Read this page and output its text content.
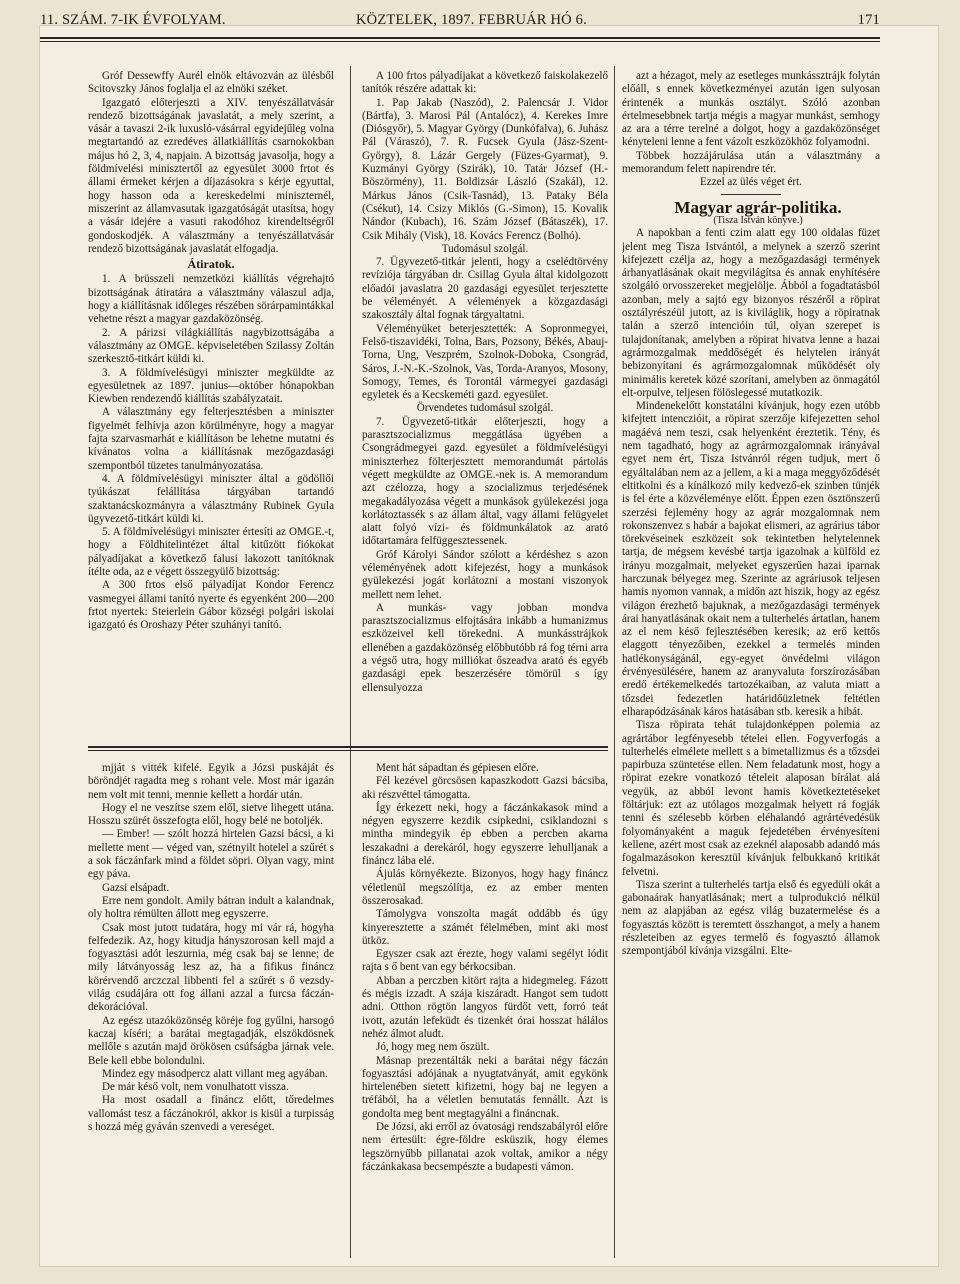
11. SZÁM. 7-IK ÉVFOLYAM.	KÖZTELEK, 1897. FEBRUÁR HÓ 6.	171

Gróf Dessewffy Aurél elnök eltávozván az ülésből Scitovszky János foglalja el az elnöki széket.

Igazgató előterjeszti a XIV. tenyészállatvásár rendező bizottságának javaslatát, a mely szerint, a vásár a tavaszi 2-ik luxusló-vásárral egyidejűleg volna megtartandó az ezredéves állatkiállítás csarnokokban május hó 2, 3, 4, napjain. A bizottság javasolja, hogy a földmívelési minisztertől az egyesület 3000 frtot és állami érmeket kérjen a díjazásokra s kérje egyuttal, hogy hasson oda a kereskedelmi miniszternél, miszerint az államvasutak igazgatóságát utasítsa, hogy a vásár idejére a vasuti rakodóhoz kirendeltségről gondoskodjék. A választmány a tenyészállatvásár rendező bizottságának javaslatát elfogadja.

Átiratok.

1. A brüsszeli nemzetközi kiállítás végrehajtó bizottságának átiratára a választmány válaszul adja, hogy a kiállításnak időleges részében sörárpamintákkal vehetne részt a magyar gazdaközönség.

2. A párizsi világkiállítás nagybizottságába a választmány az OMGE. képviseletében Szilassy Zoltán szerkesztő-titkárt küldi ki.

3. A földmívelésügyi miniszter megküldte az egyesületnek az 1897. junius—október hónapokban Kiewben rendezendő kiállítás szabályzatait.

A választmány egy felterjesztésben a miniszter figyelmét felhívja azon körülményre, hogy a magyar fajta szarvasmarhát e kiállításon be lehetne mutatni és kívánatos volna a kiállításnak mezőgazdasági szempontból tüzetes tanulmányozatása.

4. A földmívelésügyi miniszter által a gödöllői tyúkászat felállítása tárgyában tartandó szaktanácskozmányra a választmány Rubinek Gyula ügyvezető-titkárt küldi ki.

5. A földmívelésügyi miniszter értesíti az OMGE.-t, hogy a Földhitelintézet által kitűzött fiókokat pályadíjakat a következő falusi lakozott tanítóknak ítélte oda, az e végett összegyülő bizottság:

A 300 frtos első pályadíjat Kondor Ferencz vasmegyei állami tanító nyerte és egyenként 200—200 frtot nyertek: Steierlein Gábor községi polgári iskolai igazgató és Oroshazy Péter szuhányi tanító.

A 100 frtos pályadíjakat a következő faiskolakezelő tanítók részére adattak ki:

1. Pap Jakab (Naszód), 2. Palencsár J. Vidor (Bártfa), 3. Marosi Pál (Antalócz), 4. Kerekes Imre (Diósgyőr), 5. Magyar György (Dunkófalva), 6. Juhász Pál (Váraszó), 7. R. Fucsek Gyula (Jász-Szent-György), 8. Lázár Gergely (Füzes-Gyarmat), 9. Kuzmányi György (Szirák), 10. Tatár József (H.-Böszörmény), 11. Boldizsár László (Szakál), 12. Márkus János (Csik-Tasnád), 13. Pataky Béla (Csékut), 14. Csizy Miklós (G.-Simon), 15. Kovalik Nándor (Kubach), 16. Szám József (Bátaszék), 17. Csik Mihály (Visk), 18. Kovács Ferencz (Bolhó).

Tudomásul szolgál.

7. Ügyvezető-titkár jelenti, hogy a cselédtörvény revíziója tárgyában dr. Csillag Gyula által kidolgozott előadói javaslatra 20 gazdasági egyesület terjesztette be véleményét. A vélemények a közgazdasági szakosztály által fognak tárgyaltatni.

Véleményüket beterjesztették: A Sopronmegyei, Felső-tiszavidéki, Tolna, Bars, Pozsony, Békés, Abauj-Torna, Ung, Veszprém, Szolnok-Doboka, Csongrád, Sáros, J.-N.-K.-Szolnok, Vas, Torda-Aranyos, Mosony, Somogy, Temes, és Torontál vármegyei gazdasági egyletek és a Kecskeméti gazd. egyesület.

Örvendetes tudomásul szolgál.

7. Ügyvezető-titkár előterjeszti, hogy a parasztszocializmus meggátlása ügyében a Csongrádmegyei gazd. egyesület a földmívelésügyi miniszterhez fölterjesztett memorandumát pártolás végett megküldte az OMGE.-nek is. A memorandum azt czélozza, hogy a szocializmus terjedésének megakadályozása végett a munkások gyülekezési joga korlátoztassék s az állam által, vagy állami felügyelet alatt folyó vízi- és földmunkálatok az arató időtartamára felfüggesztessenek.

Gróf Károlyi Sándor szólott a kérdéshez s azon véleményének adott kifejezést, hogy a munkások gyülekezési jogát korlátozni a mostani viszonyok mellett nem lehet.

A munkás- vagy jobban mondva parasztszocializmus elfojtására inkább a humanizmus eszközeivel kell törekedni. A munkásstrájkok ellenében a gazdaközönség előbbutóbb rá fog térni arra a végső utra, hogy milliókat őszeadva arató és egyéb gazdasági epek beszerzésére tömörül s így ellensulyozza

azt a hézagot, mely az esetleges munkássztrájk folytán előáll, s ennek következményei azután igen sulyosan érintenék a munkás osztályt. Szóló azonban értelmesebbnek tartja mégis a magyar munkást, semhogy az ara a térre terelné a dolgot, hogy a gazdaközönséget kényteleni lenne a fent vázolt eszközökhöz folyamodni.

Többek hozzájárulása után a választmány a memorandum felett napirendre tér.

Ezzel az ülés véget ért.

Magyar agrár-politika.

(Tisza István könyve.)

A napokban a fenti czim alatt egy 100 oldalas füzet jelent meg Tisza Istvántól, a melynek a szerző szerint kifejezett czélja az, hogy a mezőgazdasági termények árhanyatlásának okait megvilágítsa és annak enyhítésére szolgáló orvosszereket megjelölje. Ábból a fogadtatásból azonban, mely a sajtó egy bizonyos részéről a röpirat osztályrészéül jutott, az is kiviláglik, hogy a röpiratnak talán a szerző intencióin túl, olyan szerepet is tulajdonítanak, amelyben a röpirat hivatva lenne a hazai agrármozgalmak meddőségét és helytelen irányát bebizonyítani és agrármozgalomnak működését oly minimális keretek közé szorítani, amelyben az önmagától elt-orpulve, teljesen fölöslegessé mutatkozik.

Mindenekelőtt konstatálni kívánjuk, hogy ezen utóbb kifejtett intenczióit, a röpirat szerzője kifejezetten sehol magáévá nem teszi, csak helyenként éreztetik. Tény, és nem tagadható, hogy az agrármozgalomnak irányával egyet nem ért, Tisza Istvánról régen tudjuk, mert ő egyáltalában nem az a jellem, a ki a maga meggyőződését eltitkolni és a kínálkozó mily kedvező-ek szinben tünjék is fel érte a közvéleménye előtt. Éppen ezen ösztönszerű szerzési fejlemény hogy az agrár mozgalomnak nem rokonszenvez s habár a bajokat elismeri, az agrárius tábor törekvéseinek eszközeit sok tekintetben helytelennek tartja, de mégsem kevésbé tartja igazolnak a külföld ez irányu mozgalmait, melyeket egyszerűen hazai iparnak harczunak bélyegez meg. Szerinte az agráriusok teljesen hamis nyomon vannak, a midőn azt hiszik, hogy az egész világon érezhető bajuknak, a mezőgazdasági termények árai hanyatlásának okait nem a tulterhelés ártatlan, hanem az el nem késő fejlesztésében keresik; az erő kettős elaggott tényezőiben, ezekkel a termelés minden hatlékonyságánál, egy-egyet önvédelmi világon érvényesülésére, hanem az aranyvaluta forszírozásában eredő értékemelkedés tartozékaiban, az valuta miatt a tőzsdei fedezetlen határidőüzletnek feltétlen elharapódzásának káros hatásában stb. keresik a hibát.

Tisza röpirata tehát tulajdonképpen polemia az agrártábor legfényesebb tételei ellen. Fogyverfogás a tulterhelés elmélete mellett s a bimetallizmus és a tőzsdei papirbuza szüntetése ellen. Nem feladatunk most, hogy a röpirat ezekre vonatkozó tételeit alaposan bírálat alá vegyük, az abból levont hamis következtetéseket föltárjuk: ezt az utólagos mozgalmak helyett rá fogják tenni és szélesebb körben eléhalandó agrártévedésük folyományaként a maguk fejedetében érvényesíteni kellene, azért most csak az ezeknél alaposabb adandó más fogalmazásokon keresztül kívánjuk felbukkanó kritikát felvetni.

Tisza szerint a tulterhelés tartja első és egyedüli okát a gabonaárak hanyatlásának; mert a tulprodukció nélkül nem az alapjában az egész világ buzatermelése és a fogyasztás között is teremtett összhangot, a mely a hanem részleteiben az egyes termelő és fogyasztó államok szempontjából kívánja vizsgálni. Elte-

mjját s vitték kifelé. Egyik a Józsi puskáját és böröndjét ragadta meg s rohant vele. Most már igazán nem volt mit tenni, mennie kellett a hordár után.

Hogy el ne veszítse szem elől, sietve lihegett utána. Hosszu szürét összefogta elől, hogy belé ne botoljék.

— Ember! — szólt hozzá hirtelen Gazsi bácsi, a ki mellette ment — véged van, szétnyilt hotelel a szűrét s a sok fáczánfark mind a földet söpri. Olyan vagy, mint egy páva.

Gazsi elsápadt.

Erre nem gondolt. Amily bátran indult a kalandnak, oly holtra rémülten állott meg egyszerre.

Csak most jutott tudatára, hogy mi vár rá, hogyha felfedezik. Az, hogy kitudja hányszorosan kell majd a fogyasztási adót leszurnia, még csak baj se lenne; de mily látványosság lesz az, ha a fifikus fináncz körérvendő arczczal libbenti fel a szűrét s ő vezsdy-világ csudájára ott fog állani azzal a furcsa fáczán-dekorációval.

Az egész utazóközönség köréje fog gyűlni, harsogó kaczaj kíséri; a barátai megtagadják, elszökdösnek mellőle s azután majd örökösen csúfságba járnak vele. Bele kell ebbe bolondulni.

Mindez egy másodpercz alatt villant meg agyában.

De már késő volt, nem vonulhatott vissza.

Ha most osadall a fináncz előtt, tőredelmes vallomást tesz a fáczánokról, akkor is kisül a turpisság s hozzá még gyáván szenvedi a vereséget.

Ment hát sápadtan és gépiesen előre.

Fél kezével görcsösen kapaszkodott Gazsi bácsiba, aki részvéttel támogatta.

Így érkezett neki, hogy a fáczánkakasok mind a négyen egyszerre kezdik csipkedni, csiklandozni s mintha mindegyik ép ebben a percben akarna leszakadni a derekáról, hogy egyszerre lehulljanak a fináncz lába elé.

Ájulás környékezte. Bizonyos, hogy hagy fináncz véletlenül megszólítja, ez az ember menten összerosakad.

Támolygva vonszolta magát oddább és úgy kinyeresztette a számét félelmében, mint aki most ütköz.

Egyszer csak azt érezte, hogy valami segélyt lódit rajta s ő bent van egy bérkocsiban.

Abban a perczben kitört rajta a hidegmeleg. Fázott és mégis izzadt. A szája kiszáradt. Hangot sem tudott adni. Otthon rögtön langyos fürdőt vett, forró teát ivott, azután lefeküdt és tizenkét órai hosszat hálálos nehéz álmot aludt.

Jó, hogy meg nem őszült.

Másnap prezentálták neki a barátai négy fáczán fogyasztási adójának a nyugtatványát, amit egykönk hirtelenében sietett kifizetni, hogy baj ne legyen a tréfából, ha a véletlen bemutatás fennállt. Ázt is gondolta meg bent megtagyálni a fináncnak.

De Józsi, aki erről az óvatosági rendszabályról előre nem értesült: égre-földre esküszik, hogy élemes legszörnyűbb pillanatai azok voltak, amikor a négy fáczánkakasa becsempészte a budapesti vámon.
